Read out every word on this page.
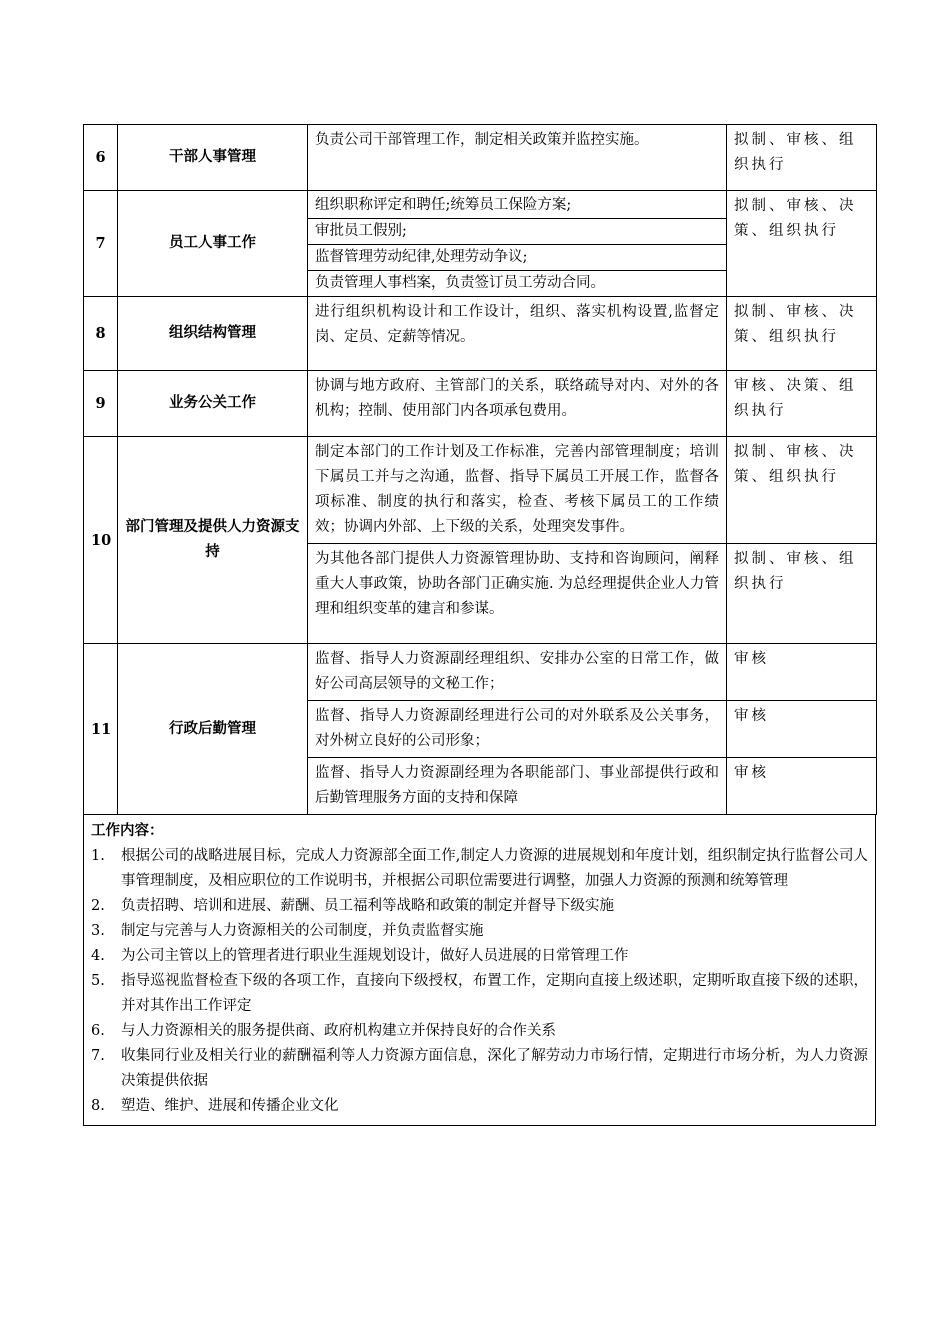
6	干部人事管理	负责公司干部管理工作，制定相关政策并监控实施。	拟制、审核、组织执行
7	员工人事工作	组织职称评定和聘任;统筹员工保险方案;	拟制、审核、决策、组织执行
		审批员工假别;	
		监督管理劳动纪律,处理劳动争议;	
		负责管理人事档案，负责签订员工劳动合同。	
8	组织结构管理	进行组织机构设计和工作设计，组织、落实机构设置,监督定岗、定员、定薪等情况。	拟制、审核、决策、组织执行
9	业务公关工作	协调与地方政府、主管部门的关系，联络疏导对内、对外的各机构；控制、使用部门内各项承包费用。	审核、决策、组织执行
10	部门管理及提供人力资源支持	制定本部门的工作计划及工作标准，完善内部管理制度；培训下属员工并与之沟通，监督、指导下属员工开展工作，监督各项标准、制度的执行和落实，检查、考核下属员工的工作绩效；协调内外部、上下级的关系，处理突发事件。	拟制、审核、决策、组织执行
		为其他各部门提供人力资源管理协助、支持和咨询顾问，阐释重大人事政策，协助各部门正确实施. 为总经理提供企业人力管理和组织变革的建言和参谋。	拟制、审核、组织执行
11	行政后勤管理	监督、指导人力资源副经理组织、安排办公室的日常工作，做好公司高层领导的文秘工作；	审核
		监督、指导人力资源副经理进行公司的对外联系及公关事务，对外树立良好的公司形象；	审核
		监督、指导人力资源副经理为各职能部门、事业部提供行政和后勤管理服务方面的支持和保障	审核
工作内容：
1. 根据公司的战略进展目标，完成人力资源部全面工作,制定人力资源的进展规划和年度计划，组织制定执行监督公司人事管理制度，及相应职位的工作说明书，并根据公司职位需要进行调整，加强人力资源的预测和统筹管理
2. 负责招聘、培训和进展、薪酬、员工福利等战略和政策的制定并督导下级实施
3. 制定与完善与人力资源相关的公司制度，并负责监督实施
4. 为公司主管以上的管理者进行职业生涯规划设计，做好人员进展的日常管理工作
5. 指导巡视监督检查下级的各项工作，直接向下级授权，布置工作，定期向直接上级述职，定期听取直接下级的述职，并对其作出工作评定
6. 与人力资源相关的服务提供商、政府机构建立并保持良好的合作关系
7. 收集同行业及相关行业的薪酬福利等人力资源方面信息，深化了解劳动力市场行情，定期进行市场分析，为人力资源决策提供依据
8. 塑造、维护、进展和传播企业文化
